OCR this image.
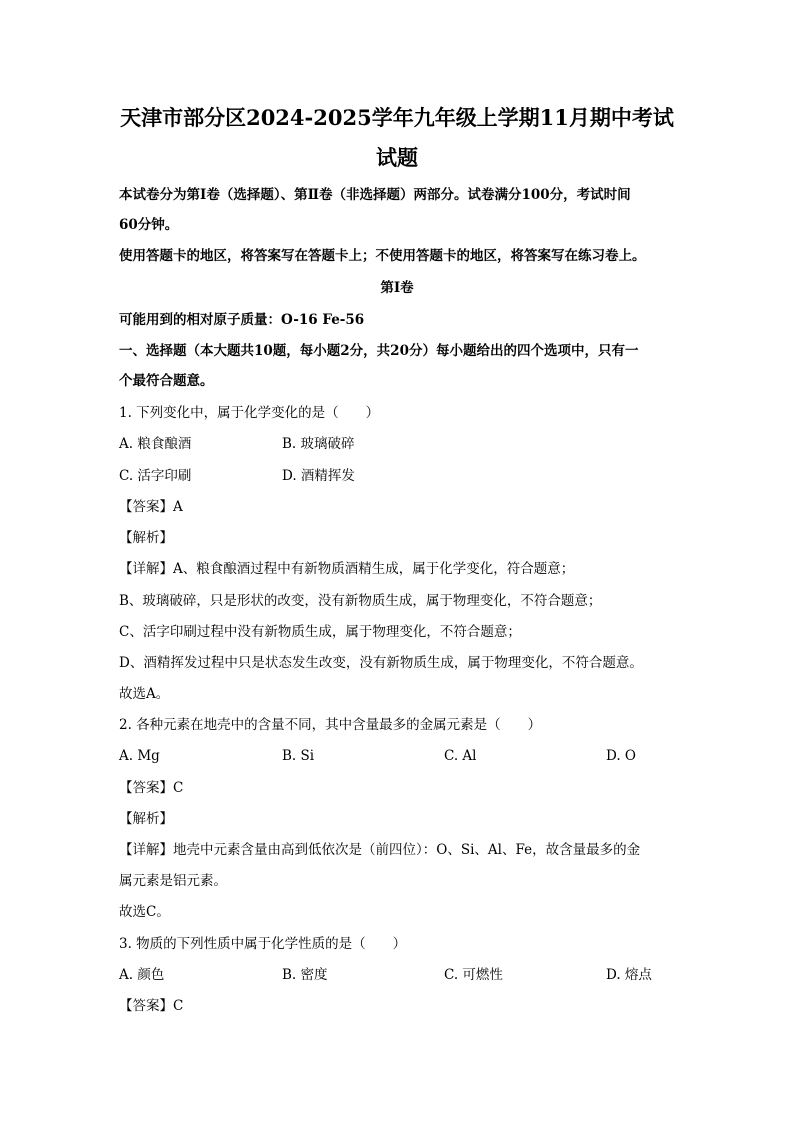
天津市部分区2024-2025学年九年级上学期11月期中考试
试题
本试卷分为第Ⅰ卷（选择题）、第Ⅱ卷（非选择题）两部分。试卷满分100分，考试时间
60分钟。
使用答题卡的地区，将答案写在答题卡上；不使用答题卡的地区，将答案写在练习卷上。
第Ⅰ卷
可能用到的相对原子质量：O-16 Fe-56
一、选择题（本大题共10题，每小题2分，共20分）每小题给出的四个选项中，只有一
个最符合题意。
1. 下列变化中，属于化学变化的是（　　）
A. 粮食酿酒	B. 玻璃破碎
C. 活字印刷	D. 酒精挥发
【答案】A
【解析】
【详解】A、粮食酿酒过程中有新物质酒精生成，属于化学变化，符合题意；
B、玻璃破碎，只是形状的改变，没有新物质生成，属于物理变化，不符合题意；
C、活字印刷过程中没有新物质生成，属于物理变化，不符合题意；
D、酒精挥发过程中只是状态发生改变，没有新物质生成，属于物理变化，不符合题意。
故选A。
2. 各种元素在地壳中的含量不同，其中含量最多的金属元素是（　　）
A. Mg	B. Si	C. Al	D. O
【答案】C
【解析】
【详解】地壳中元素含量由高到低依次是（前四位）：O、Si、Al、Fe，故含量最多的金
属元素是铝元素。
故选C。
3. 物质的下列性质中属于化学性质的是（　　）
A. 颜色	B. 密度	C. 可燃性	D. 熔点
【答案】C
